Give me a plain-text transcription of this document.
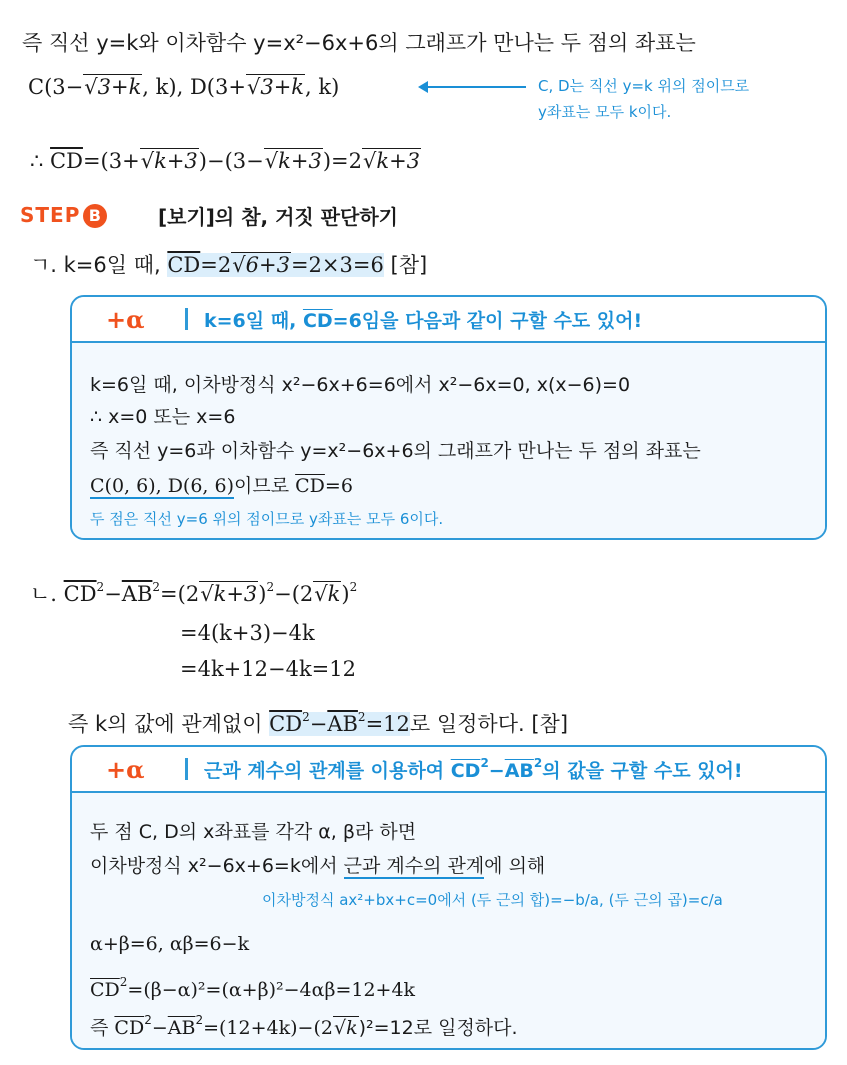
즉 직선 y=k와 이차함수 y=x²−6x+6의 그래프가 만나는 두 점의 좌표는
C(3− √ 3+k, k), D(3+ √ 3+k, k)	C, D는 직선 y=k 위의 점이므로
y좌표는 모두 k이다.
∴ $\overline{CD}=(3+$ √ k+3)−(3− √ k+3)=2 √ k+3
STEP B	[보기]의 참, 거짓 판단하기
ㄱ. k=6일 때, $\overline{CD}=2$ √ 6+3=2×3=6 [참]
+α	k=6일 때, $\overline{CD}=6$임을 다음과 같이 구할 수도 있어!
k=6일 때, 이차방정식 x²−6x+6=6에서 x²−6x=0, x(x−6)=0
∴ x=0 또는 x=6
즉 직선 y=6과 이차함수 y=x²−6x+6의 그래프가 만나는 두 점의 좌표는
C(0, 6), D(6, 6)이므로 $\overline{CD}=6$
두 점은 직선 y=6 위의 점이므로 y좌표는 모두 6이다.
ㄴ. $\overline{CD}^2-\overline{AB}^2=(2$ √ k+3)$^2$−(2 √ k)$^2$
=4(k+3)−4k
=4k+12−4k=12
즉 k의 값에 관계없이 $\overline{CD}^2-\overline{AB}^2=12$로 일정하다. [참]
+α	근과 계수의 관계를 이용하여 $\overline{CD}^2-\overline{AB}^2$의 값을 구할 수도 있어!
두 점 C, D의 x좌표를 각각 α, β라 하면
이차방정식 x²−6x+6=k에서 근과 계수의 관계에 의해
이차방정식 ax²+bx+c=0에서 (두 근의 합)=−b/a, (두 근의 곱)=c/a
α+β=6, αβ=6−k
$\overline{CD}^2=(\beta-\alpha)^2=(\alpha+\beta)^2-4\alpha\beta=12+4k$
즉 $\overline{CD}^2-\overline{AB}^2=(12+4k)-(2$ √ k)²=12로 일정하다.
